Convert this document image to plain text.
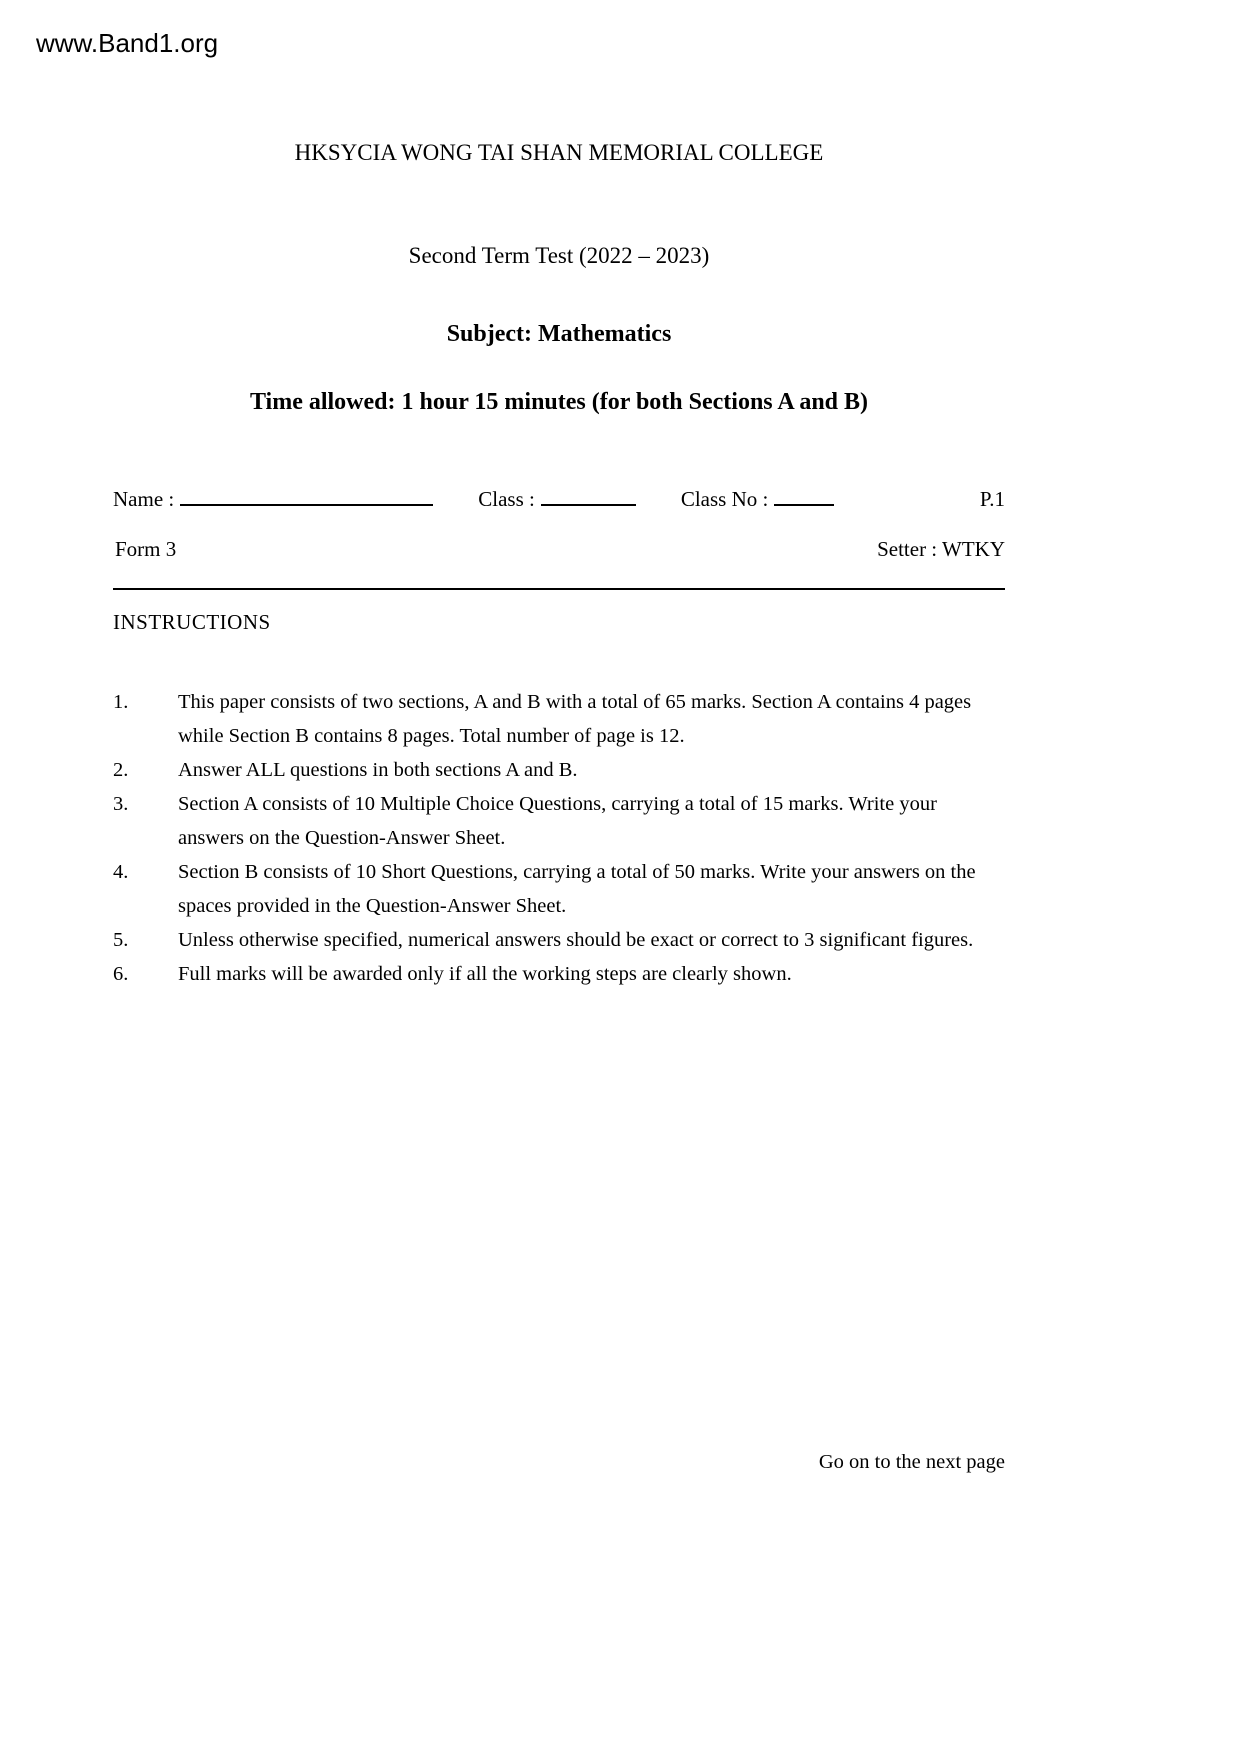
www.Band1.org
HKSYCIA WONG TAI SHAN MEMORIAL COLLEGE
Second Term Test (2022 – 2023)
Subject: Mathematics
Time allowed: 1 hour 15 minutes (for both Sections A and B)
Name :	Class :	Class No :	P.1
Form 3	Setter : WTKY
INSTRUCTIONS
1.	This paper consists of two sections, A and B with a total of 65 marks. Section A contains 4 pages while Section B contains 8 pages. Total number of page is 12.
2.	Answer ALL questions in both sections A and B.
3.	Section A consists of 10 Multiple Choice Questions, carrying a total of 15 marks. Write your answers on the Question-Answer Sheet.
4.	Section B consists of 10 Short Questions, carrying a total of 50 marks. Write your answers on the spaces provided in the Question-Answer Sheet.
5.	Unless otherwise specified, numerical answers should be exact or correct to 3 significant figures.
6.	Full marks will be awarded only if all the working steps are clearly shown.
Go on to the next page
